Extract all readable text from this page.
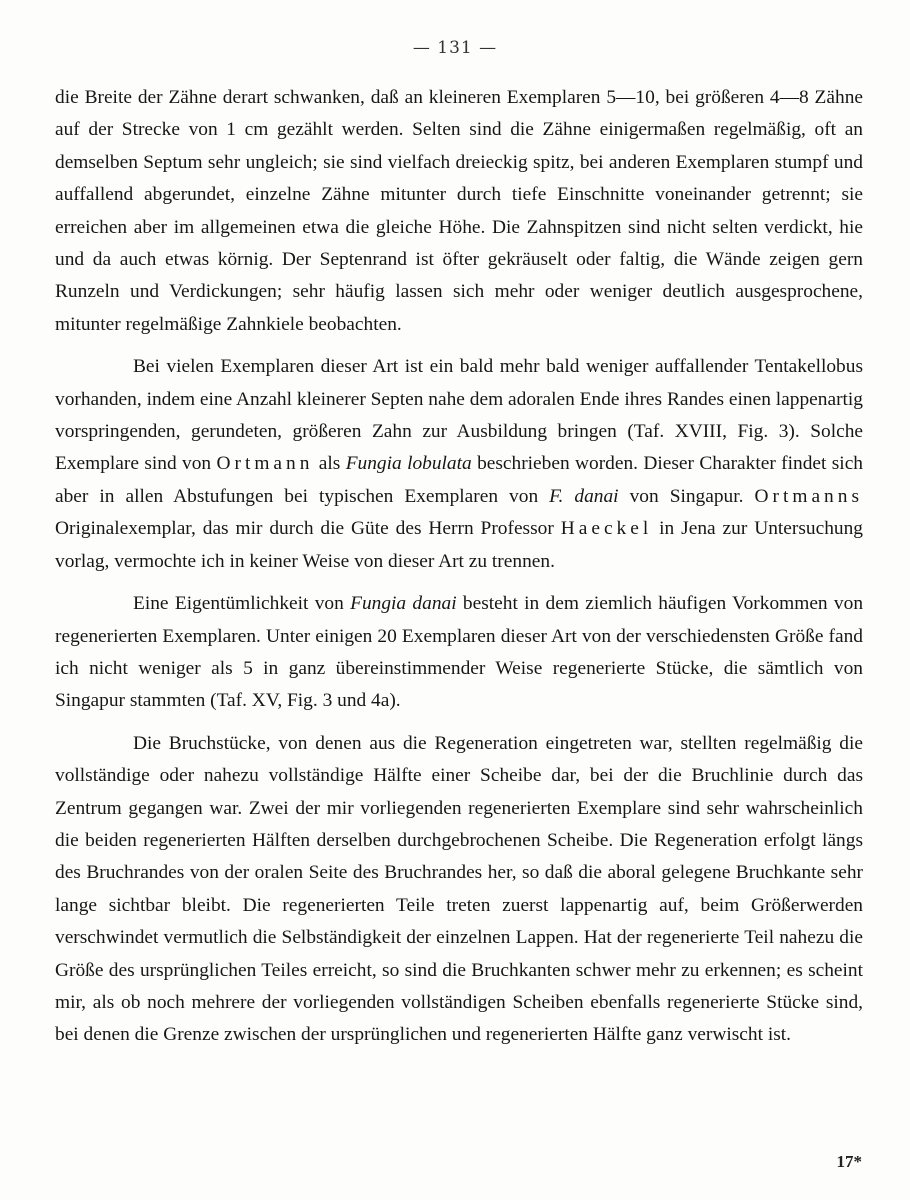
— 131 —

die Breite der Zähne derart schwanken, daß an kleineren Exemplaren 5—10, bei größeren 4—8 Zähne auf der Strecke von 1 cm gezählt werden. Selten sind die Zähne einigermaßen regelmäßig, oft an demselben Septum sehr ungleich; sie sind vielfach dreieckig spitz, bei anderen Exemplaren stumpf und auffallend abgerundet, einzelne Zähne mitunter durch tiefe Einschnitte voneinander getrennt; sie erreichen aber im allgemeinen etwa die gleiche Höhe. Die Zahnspitzen sind nicht selten verdickt, hie und da auch etwas körnig. Der Septenrand ist öfter gekräuselt oder faltig, die Wände zeigen gern Runzeln und Verdickungen; sehr häufig lassen sich mehr oder weniger deutlich ausgesprochene, mitunter regelmäßige Zahnkiele beobachten.

Bei vielen Exemplaren dieser Art ist ein bald mehr bald weniger auffallender Tentakellobus vorhanden, indem eine Anzahl kleinerer Septen nahe dem adoralen Ende ihres Randes einen lappenartig vorspringenden, gerundeten, größeren Zahn zur Ausbildung bringen (Taf. XVIII, Fig. 3). Solche Exemplare sind von Ortmann als Fungia lobulata beschrieben worden. Dieser Charakter findet sich aber in allen Abstufungen bei typischen Exemplaren von F. danai von Singapur. Ortmanns Originalexemplar, das mir durch die Güte des Herrn Professor Haeckel in Jena zur Untersuchung vorlag, vermochte ich in keiner Weise von dieser Art zu trennen.

Eine Eigentümlichkeit von Fungia danai besteht in dem ziemlich häufigen Vorkommen von regenerierten Exemplaren. Unter einigen 20 Exemplaren dieser Art von der verschiedensten Größe fand ich nicht weniger als 5 in ganz übereinstimmender Weise regenerierte Stücke, die sämtlich von Singapur stammten (Taf. XV, Fig. 3 und 4a).

Die Bruchstücke, von denen aus die Regeneration eingetreten war, stellten regelmäßig die vollständige oder nahezu vollständige Hälfte einer Scheibe dar, bei der die Bruchlinie durch das Zentrum gegangen war. Zwei der mir vorliegenden regenerierten Exemplare sind sehr wahrscheinlich die beiden regenerierten Hälften derselben durchgebrochenen Scheibe. Die Regeneration erfolgt längs des Bruchrandes von der oralen Seite des Bruchrandes her, so daß die aboral gelegene Bruchkante sehr lange sichtbar bleibt. Die regenerierten Teile treten zuerst lappenartig auf, beim Größerwerden verschwindet vermutlich die Selbständigkeit der einzelnen Lappen. Hat der regenerierte Teil nahezu die Größe des ursprünglichen Teiles erreicht, so sind die Bruchkanten schwer mehr zu erkennen; es scheint mir, als ob noch mehrere der vorliegenden vollständigen Scheiben ebenfalls regenerierte Stücke sind, bei denen die Grenze zwischen der ursprünglichen und regenerierten Hälfte ganz verwischt ist.

17*
